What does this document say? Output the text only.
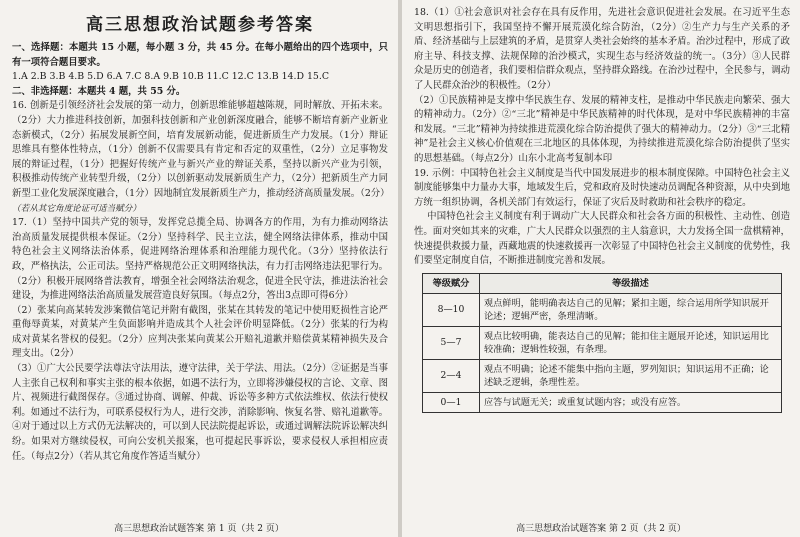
高三思想政治试题参考答案

一、选择题：本题共 15 小题，每小题 3 分，共 45 分。在每小题给出的四个选项中，只有一项符合题目要求。

1.A 2.B 3.B 4.B 5.D 6.A 7.C 8.A 9.B 10.B 11.C 12.C 13.B 14.D 15.C

二、非选择题：本题共 4 题，共 55 分。

16. 创新是引领经济社会发展的第一动力，创新思维能够超越陈规，同时解放、开拓未来。（2分）大力推进科技创新，加强科技创新和产业创新深度融合，能够不断培育新产业新业态新模式，（2分）拓展发展新空间，培育发展新动能，促进新质生产力发展。（1分）辩证思维具有整体性特点，（1分）创新不仅需要具有肯定和否定的双重性，（2分）立足事物发展的辩证过程，（1分）把握好传统产业与新兴产业的辩证关系，坚持以新兴产业为引领，积极推动传统产业转型升级，（2分）以创新驱动发展新质生产力，（2分）把新质生产力同新型工业化发展深度融合，（1分）因地制宜发展新质生产力，推动经济高质量发展。（2分）

（若从其它角度论证可适当赋分）

17.（1）坚持中国共产党的领导，发挥党总揽全局、协调各方的作用，为有力推动网络法治高质量发展提供根本保证。（2分）坚持科学、民主立法，健全网络法律体系，推动中国特色社会主义网络法治体系，促进网络治理体系和治理能力现代化。（3分）坚持依法行政，严格执法，公正司法。坚持严格规范公正文明网络执法，有力打击网络违法犯罪行为。（2分）积极开展网络普法教育，增强全社会网络法治观念，促进全民守法，推进法治社会建设，为推进网络法治高质量发展营造良好氛围。（每点2分，答出3点即可得6分）

（2）张某向高某转发涉案微信笔记并附有截图，张某在其转发的笔记中使用贬损性言论严重侮辱黄某，对黄某产生负面影响并造成其个人社会评价明显降低。（2分）张某的行为构成对黄某名誉权的侵犯。（2分）应判决张某向黄某公开赔礼道歉并赔偿黄某精神损失及合理支出。（2分）

（3）①广大公民要学法尊法守法用法，遵守法律，关于学法、用法。（2分）②证据是当事人主张自己权利和事实主张的根本依据，如遇不法行为，立即将涉嫌侵权的言论、文章、图片、视频进行截图保存。③通过协商、调解、仲裁、诉讼等多种方式依法维权、依法行使权利。如通过不法行为，可联系侵权行为人，进行交涉，消除影响、恢复名誉、赔礼道歉等。④对于通过以上方式仍无法解决的，可以到人民法院提起诉讼，或通过调解法院诉讼解决纠纷。如果对方继续侵权，可向公安机关报案，也可提起民事诉讼，要求侵权人承担相应责任。（每点2分）（若从其它角度作答适当赋分）

高三思想政治试题答案 第 1 页（共 2 页）

18.（1）①社会意识对社会存在具有反作用，先进社会意识促进社会发展。在习近平生态文明思想指引下，我国坚持不懈开展荒漠化综合防治，（2分）②生产力与生产关系的矛盾、经济基础与上层建筑的矛盾，是贯穿人类社会始终的基本矛盾。治沙过程中，形成了政府主导、科技支撑、法规保障的治沙模式，实现生态与经济效益的统一。（3分）③人民群众是历史的创造者，我们要相信群众观点，坚持群众路线。在治沙过程中，全民参与，调动了人民群众治沙的积极性。（2分）

（2）①民族精神是支撑中华民族生存、发展的精神支柱，是推动中华民族走向繁荣、强大的精神动力。（2分）②“三北”精神是中华民族精神的时代体现，是对中华民族精神的丰富和发展。“三北”精神为持续推进荒漠化综合防治提供了强大的精神动力。（2分）③“三北精神”是社会主义核心价值观在三北地区的具体体现，为持续推进荒漠化综合防治提供了坚实的思想基础。（每点2分）山东小北高考复制本印

19. 示例：中国特色社会主义制度是当代中国发展进步的根本制度保障。中国特色社会主义制度能够集中力量办大事，地域发生后，党和政府及时快速动员调配各种资源，从中央到地方统一组织协调，各机关部门有效运行，保证了灾后及时救助和社会秩序的稳定。

中国特色社会主义制度有利于调动广大人民群众和社会各方面的积极性、主动性、创造性。面对突如其来的灾难，广大人民群众以强烈的主人翁意识，大力发扬全国一盘棋精神，快速提供救援力量，西藏地震的快速救援再一次彰显了中国特色社会主义制度的优势性，我们要坚定制度自信，不断推进制度完善和发展。

等级赋分	等级描述
8—10	观点鲜明，能明确表达自己的见解；紧扣主题，综合运用所学知识展开论述；逻辑严密，条理清晰。
5—7	观点比较明确，能表达自己的见解；能扣住主题展开论述，知识运用比较准确；逻辑性较强，有条理。
2—4	观点不明确；论述不能集中指向主题，罗列知识；知识运用不正确；论述缺乏逻辑，条理性差。
0—1	应答与试题无关；或重复试题内容；或没有应答。
高三思想政治试题答案 第 2 页（共 2 页）
